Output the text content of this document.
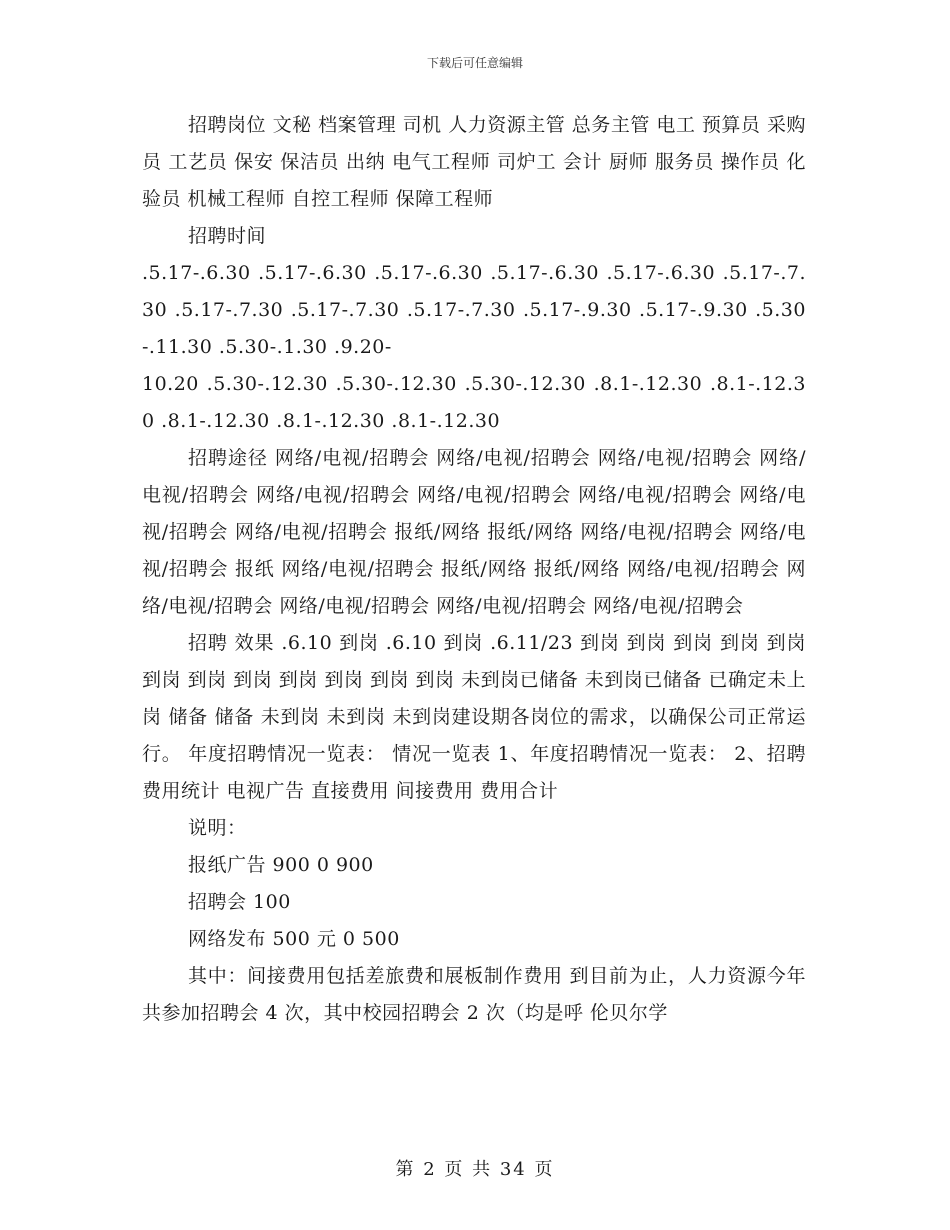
下载后可任意编辑

招聘岗位 文秘 档案管理 司机 人力资源主管 总务主管 电工 预算员 采购员 工艺员 保安 保洁员 出纳 电气工程师 司炉工 会计 厨师 服务员 操作员 化验员 机械工程师 自控工程师 保障工程师

招聘时间

.5.17-.6.30 .5.17-.6.30 .5.17-.6.30 .5.17-.6.30 .5.17-.6.30 .5.17-.7.30 .5.17-.7.30 .5.17-.7.30 .5.17-.7.30 .5.17-.9.30 .5.17-.9.30 .5.30-.11.30 .5.30-.1.30 .9.20-

10.20 .5.30-.12.30 .5.30-.12.30 .5.30-.12.30 .8.1-.12.30 .8.1-.12.30 .8.1-.12.30 .8.1-.12.30 .8.1-.12.30

招聘途径 网络/电视/招聘会 网络/电视/招聘会 网络/电视/招聘会 网络/电视/招聘会 网络/电视/招聘会 网络/电视/招聘会 网络/电视/招聘会 网络/电视/招聘会 网络/电视/招聘会 报纸/网络 报纸/网络 网络/电视/招聘会 网络/电视/招聘会 报纸 网络/电视/招聘会 报纸/网络 报纸/网络 网络/电视/招聘会 网络/电视/招聘会 网络/电视/招聘会 网络/电视/招聘会 网络/电视/招聘会

招聘 效果 .6.10 到岗 .6.10 到岗 .6.11/23 到岗 到岗 到岗 到岗 到岗 到岗 到岗 到岗 到岗 到岗 到岗 到岗 未到岗已储备 未到岗已储备 已确定未上岗 储备 储备 未到岗 未到岗 未到岗建设期各岗位的需求，以确保公司正常运行。 年度招聘情况一览表： 情况一览表 1、年度招聘情况一览表： 2、招聘费用统计 电视广告 直接费用 间接费用 费用合计

说明：

报纸广告 900 0 900

招聘会 100

网络发布 500 元 0 500

其中：间接费用包括差旅费和展板制作费用 到目前为止，人力资源今年共参加招聘会 4 次，其中校园招聘会 2 次（均是呼 伦贝尔学

第 2 页 共 34 页
